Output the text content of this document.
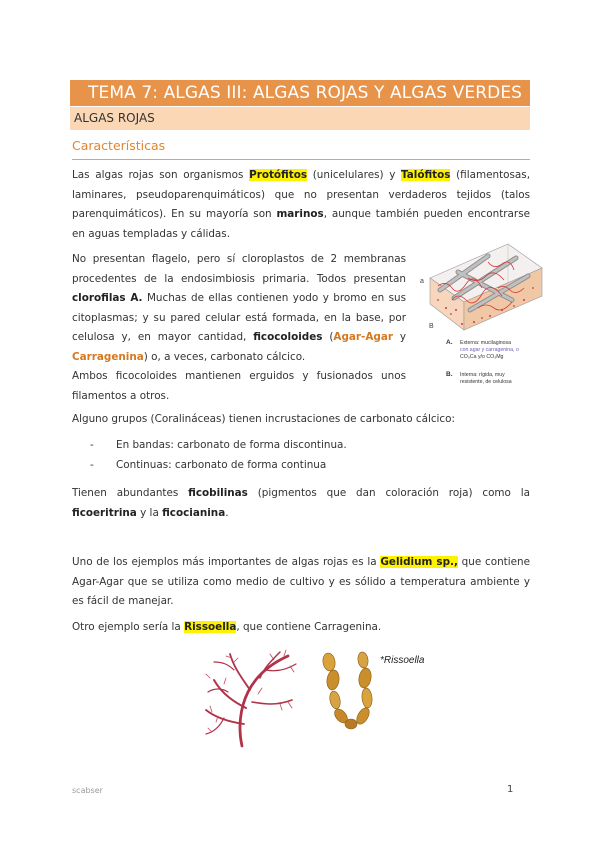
TEMA 7: ALGAS III: ALGAS ROJAS Y ALGAS VERDES
ALGAS ROJAS
Características

Las algas rojas son organismos Protófitos (unicelulares) y Talófitos (filamentosas, laminares, pseudoparenquimáticos) que no presentan verdaderos tejidos (talos parenquimáticos). En su mayoría son marinos, aunque también pueden encontrarse en aguas templadas y cálidas.

No presentan flagelo, pero sí cloroplastos de 2 membranas procedentes de la endosimbiosis primaria. Todos presentan clorofilas A. Muchas de ellas contienen yodo y bromo en sus citoplasmas; y su pared celular está formada, en la base, por celulosa y, en mayor cantidad, ficocoloides (Agar-Agar y Carragenina) o, a veces, carbonato cálcico.

Ambos ficocoloides mantienen erguidos y fusionados unos filamentos a otros.

Alguno grupos (Coralináceas) tienen incrustaciones de carbonato cálcico:

- En bandas: carbonato de forma discontinua.
- Continuas: carbonato de forma continua

Tienen abundantes ficobilinas (pigmentos que dan coloración roja) como la ficoeritrina y la ficocianina.

Uno de los ejemplos más importantes de algas rojas es la Gelidium sp., que contiene Agar-Agar que se utiliza como medio de cultivo y es sólido a temperatura ambiente y es fácil de manejar.

Otro ejemplo sería la Rissoella, que contiene Carragenina.

a
B
A. Externa: mucilaginosa
con agar y carragenina, o
CO₃Ca y/o CO₃Mg
B. Interna: rígida, muy
resistente, de celulosa
*Rissoella
scabser	1
